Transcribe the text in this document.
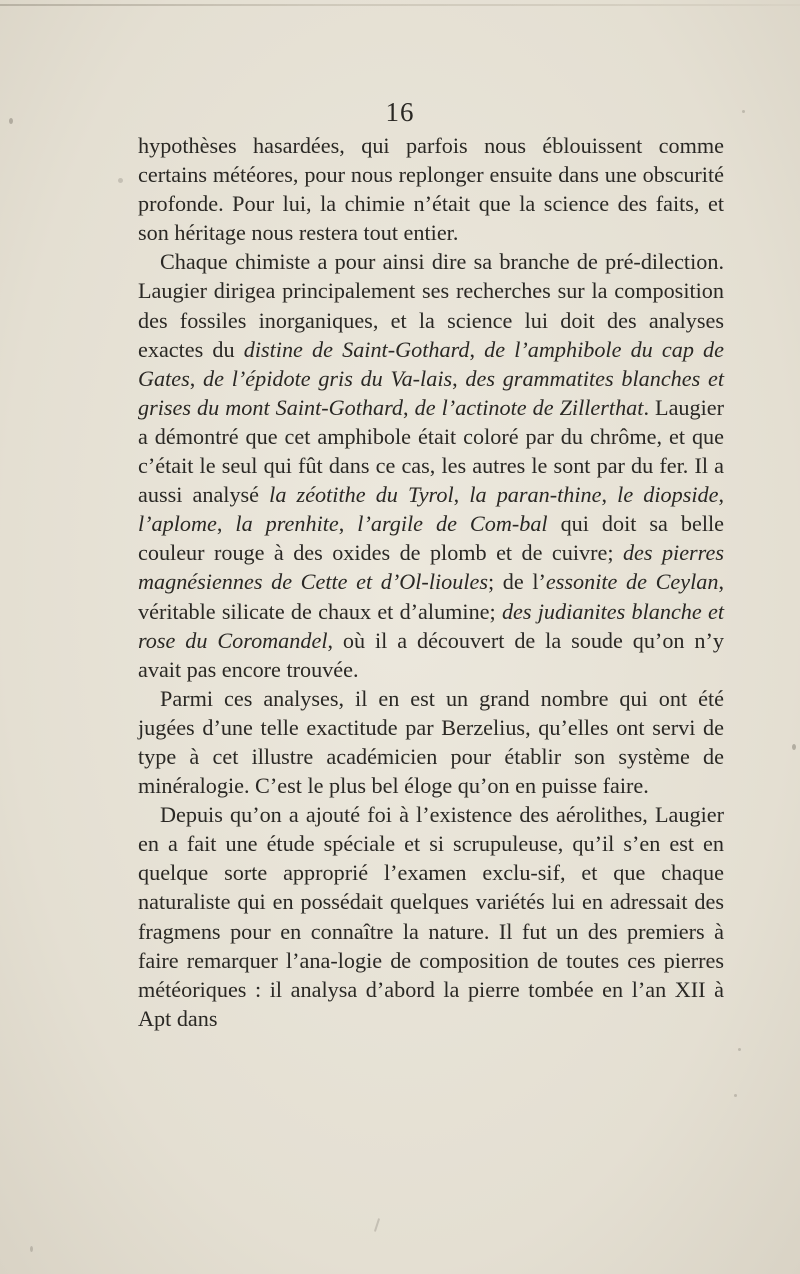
16

hypothèses hasardées, qui parfois nous éblouissent comme certains météores, pour nous replonger ensuite dans une obscurité profonde. Pour lui, la chimie n’était que la science des faits, et son héritage nous restera tout entier.

Chaque chimiste a pour ainsi dire sa branche de pré-dilection. Laugier dirigea principalement ses recherches sur la composition des fossiles inorganiques, et la science lui doit des analyses exactes du distine de Saint-Gothard, de l’amphibole du cap de Gates, de l’épidote gris du Va-lais, des grammatites blanches et grises du mont Saint-Gothard, de l’actinote de Zillerthat. Laugier a démontré que cet amphibole était coloré par du chrôme, et que c’était le seul qui fût dans ce cas, les autres le sont par du fer. Il a aussi analysé la zéotithe du Tyrol, la paran-thine, le diopside, l’aplome, la prenhite, l’argile de Com-bal qui doit sa belle couleur rouge à des oxides de plomb et de cuivre; des pierres magnésiennes de Cette et d’Ol-lioules; de l’essonite de Ceylan, véritable silicate de chaux et d’alumine; des judianites blanche et rose du Coromandel, où il a découvert de la soude qu’on n’y avait pas encore trouvée.

Parmi ces analyses, il en est un grand nombre qui ont été jugées d’une telle exactitude par Berzelius, qu’elles ont servi de type à cet illustre académicien pour établir son système de minéralogie. C’est le plus bel éloge qu’on en puisse faire.

Depuis qu’on a ajouté foi à l’existence des aérolithes, Laugier en a fait une étude spéciale et si scrupuleuse, qu’il s’en est en quelque sorte approprié l’examen exclu-sif, et que chaque naturaliste qui en possédait quelques variétés lui en adressait des fragmens pour en connaître la nature. Il fut un des premiers à faire remarquer l’ana-logie de composition de toutes ces pierres météoriques : il analysa d’abord la pierre tombée en l’an XII à Apt dans
